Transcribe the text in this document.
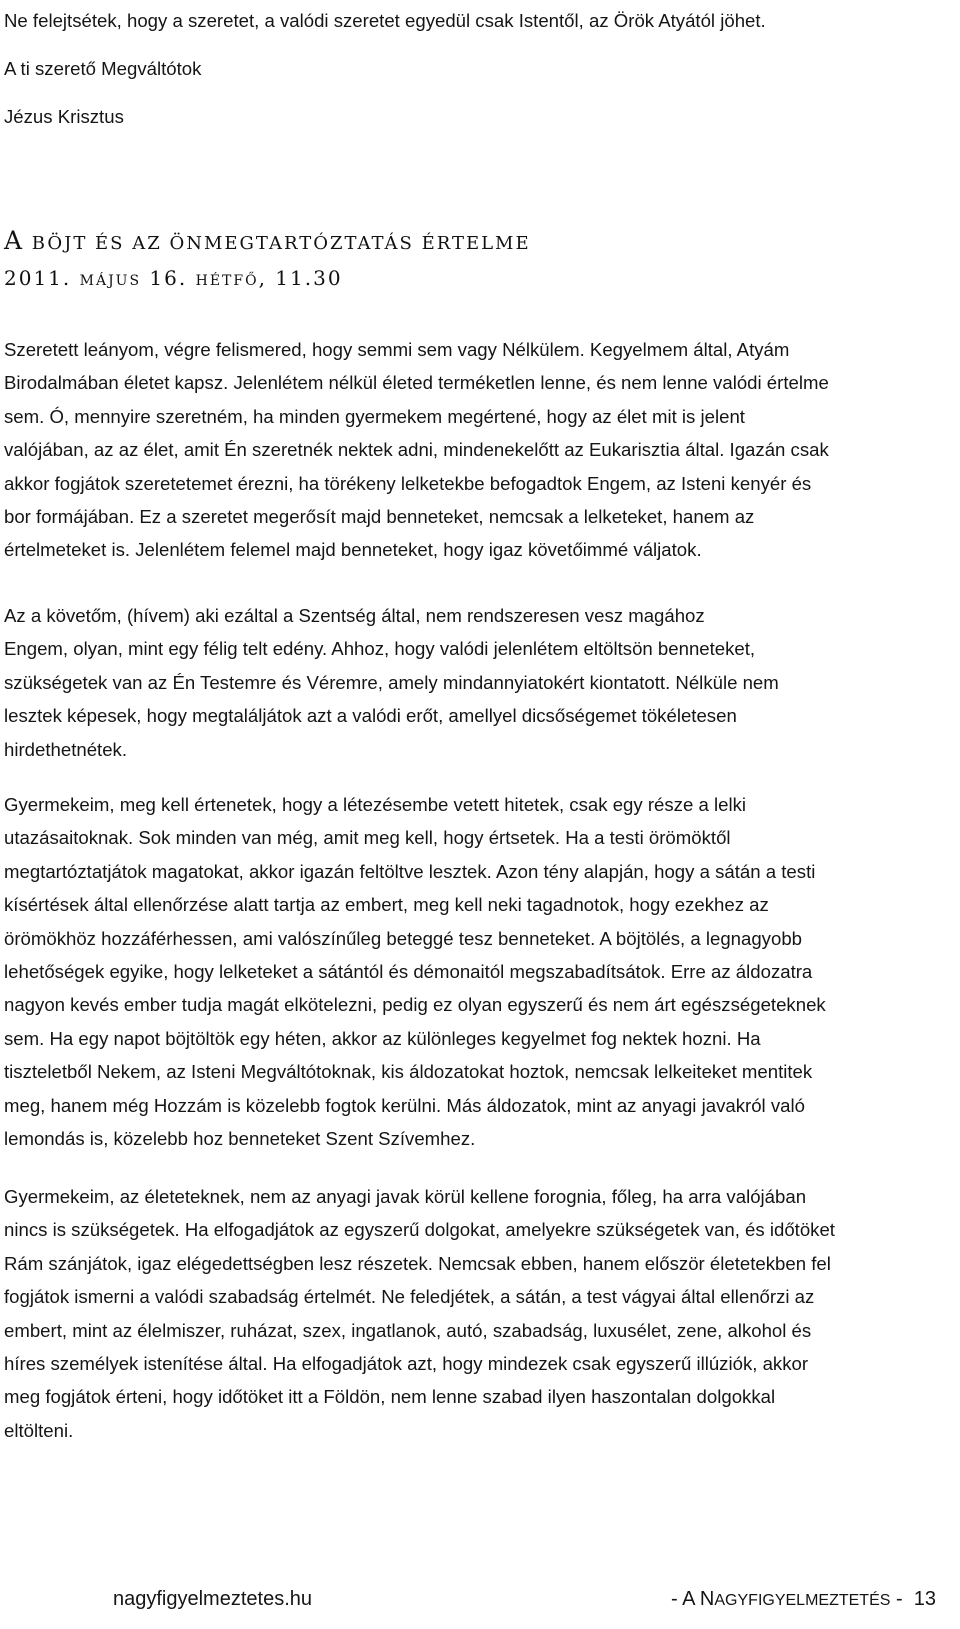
Ne felejtsétek, hogy a szeretet, a valódi szeretet egyedül csak Istentől, az Örök Atyától jöhet.

A ti szerető Megváltótok

Jézus Krisztus

A BÖJT ÉS AZ ÖNMEGTARTÓZTATÁS ÉRTELME
2011. MÁJUS 16. HÉTFŐ, 11.30

Szeretett leányom, végre felismered, hogy semmi sem vagy Nélkülem. Kegyelmem által, Atyám
Birodalmában életet kapsz. Jelenlétem nélkül életed terméketlen lenne, és nem lenne valódi értelme
sem. Ó, mennyire szeretném, ha minden gyermekem megértené, hogy az élet mit is jelent
valójában, az az élet, amit Én szeretnék nektek adni, mindenekelőtt az Eukarisztia által. Igazán csak
akkor fogjátok szeretetemet érezni, ha törékeny lelketekbe befogadtok Engem, az Isteni kenyér és
bor formájában. Ez a szeretet megerősít majd benneteket, nemcsak a lelketeket, hanem az
értelmeteket is. Jelenlétem felemel majd benneteket, hogy igaz követőimmé váljatok.

Az a követőm, (hívem) aki ezáltal a Szentség által, nem rendszeresen vesz magához
Engem, olyan, mint egy félig telt edény. Ahhoz, hogy valódi jelenlétem eltöltsön benneteket,
szükségetek van az Én Testemre és Véremre, amely mindannyiatokért kiontatott. Nélküle nem
lesztek képesek, hogy megtaláljátok azt a valódi erőt, amellyel dicsőségemet tökéletesen
hirdethetnétek.

Gyermekeim, meg kell értenetek, hogy a létezésembe vetett hitetek, csak egy része a lelki
utazásaitoknak. Sok minden van még, amit meg kell, hogy értsetek. Ha a testi örömöktől
megtartóztatjátok magatokat, akkor igazán feltöltve lesztek. Azon tény alapján, hogy a sátán a testi
kísértések által ellenőrzése alatt tartja az embert, meg kell neki tagadnotok, hogy ezekhez az
örömökhöz hozzáférhessen, ami valószínűleg beteggé tesz benneteket. A böjtölés, a legnagyobb
lehetőségek egyike, hogy lelketeket a sátántól és démonaitól megszabadítsátok. Erre az áldozatra
nagyon kevés ember tudja magát elkötelezni, pedig ez olyan egyszerű és nem árt egészségeteknek
sem. Ha egy napot böjtöltök egy héten, akkor az különleges kegyelmet fog nektek hozni. Ha
tiszteletből Nekem, az Isteni Megváltótoknak, kis áldozatokat hoztok, nemcsak lelkeiteket mentitek
meg, hanem még Hozzám is közelebb fogtok kerülni. Más áldozatok, mint az anyagi javakról való
lemondás is, közelebb hoz benneteket Szent Szívemhez.

Gyermekeim, az életeteknek, nem az anyagi javak körül kellene forognia, főleg, ha arra valójában
nincs is szükségetek. Ha elfogadjátok az egyszerű dolgokat, amelyekre szükségetek van, és időtöket
Rám szánjátok, igaz elégedettségben lesz részetek. Nemcsak ebben, hanem először életetekben fel
fogjátok ismerni a valódi szabadság értelmét. Ne feledjétek, a sátán, a test vágyai által ellenőrzi az
embert, mint az élelmiszer, ruházat, szex, ingatlanok, autó, szabadság, luxusélet, zene, alkohol és
híres személyek istenítése által. Ha elfogadjátok azt, hogy mindezek csak egyszerű illúziók, akkor
meg fogjátok érteni, hogy időtöket itt a Földön, nem lenne szabad ilyen haszontalan dolgokkal
eltölteni.

nagyfigyelmeztetes.hu	- A NAGYFIGYELMEZTETÉS - 13
